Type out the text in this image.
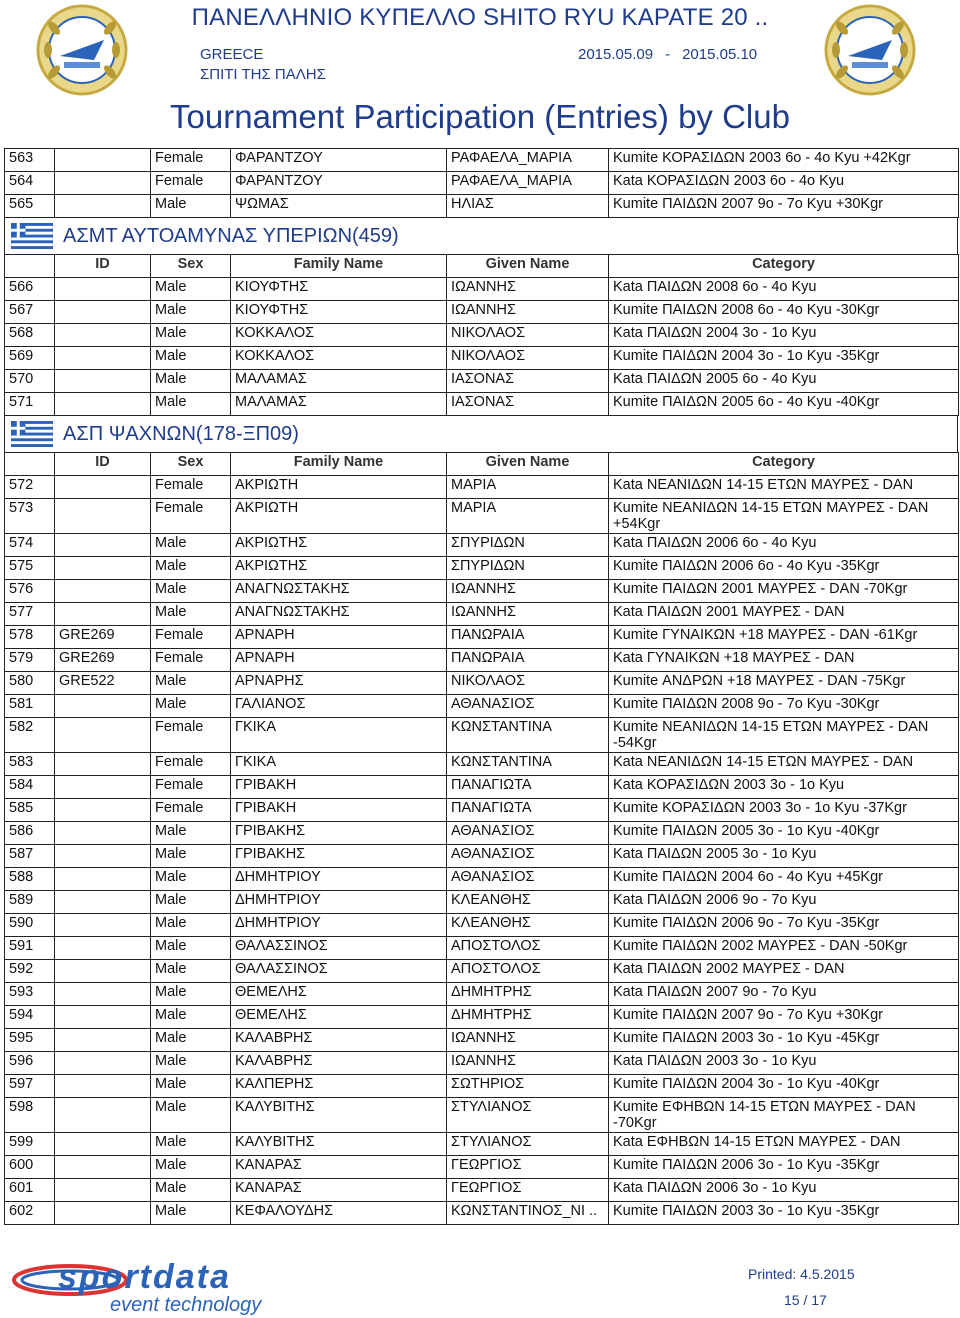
ΠΑΝΕΛΛΗΝΙΟ ΚΥΠΕΛΛΟ SHITO RYU ΚΑΡΑΤΕ 20 ..
GREECE
ΣΠΙΤΙ ΤΗΣ ΠΑΛΗΣ
2015.05.09 - 2015.05.10
Tournament Participation (Entries) by Club
563		Female	ΦΑΡΑΝΤΖΟΥ	ΡΑΦΑΕΛΑ_ΜΑΡΙΑ	Kumite ΚΟΡΑΣΙΔΩΝ 2003 6o - 4o Kyu +42Kgr
564		Female	ΦΑΡΑΝΤΖΟΥ	ΡΑΦΑΕΛΑ_ΜΑΡΙΑ	Kata ΚΟΡΑΣΙΔΩΝ 2003 6o - 4o Kyu
565		Male	ΨΩΜΑΣ	ΗΛΙΑΣ	Kumite ΠΑΙΔΩΝ 2007 9o - 7o Kyu +30Kgr
ΑΣΜΤ ΑΥΤΟΑΜΥΝΑΣ ΥΠΕΡΙΩΝ(459)
	ID	Sex	Family Name	Given Name	Category
566		Male	ΚΙΟΥΦΤΗΣ	ΙΩΑΝΝΗΣ	Kata ΠΑΙΔΩΝ 2008 6o - 4o Kyu
567		Male	ΚΙΟΥΦΤΗΣ	ΙΩΑΝΝΗΣ	Kumite ΠΑΙΔΩΝ 2008 6o - 4o Kyu -30Kgr
568		Male	ΚΟΚΚΑΛΟΣ	ΝΙΚΟΛΑΟΣ	Kata ΠΑΙΔΩΝ 2004 3o - 1o Kyu
569		Male	ΚΟΚΚΑΛΟΣ	ΝΙΚΟΛΑΟΣ	Kumite ΠΑΙΔΩΝ 2004 3o - 1o Kyu -35Kgr
570		Male	ΜΑΛΑΜΑΣ	ΙΑΣΟΝΑΣ	Kata ΠΑΙΔΩΝ 2005 6o - 4o Kyu
571		Male	ΜΑΛΑΜΑΣ	ΙΑΣΟΝΑΣ	Kumite ΠΑΙΔΩΝ 2005 6o - 4o Kyu -40Kgr
ΑΣΠ ΨΑΧΝΩΝ(178-ΞΠ09)
	ID	Sex	Family Name	Given Name	Category
572		Female	ΑΚΡΙΩΤΗ	ΜΑΡΙΑ	Kata ΝΕΑΝΙΔΩΝ 14-15 ΕΤΩΝ ΜΑΥΡΕΣ - DAN
573		Female	ΑΚΡΙΩΤΗ	ΜΑΡΙΑ	Kumite ΝΕΑΝΙΔΩΝ 14-15 ΕΤΩΝ ΜΑΥΡΕΣ - DAN +54Kgr
574		Male	ΑΚΡΙΩΤΗΣ	ΣΠΥΡΙΔΩΝ	Kata ΠΑΙΔΩΝ 2006 6o - 4o Kyu
575		Male	ΑΚΡΙΩΤΗΣ	ΣΠΥΡΙΔΩΝ	Kumite ΠΑΙΔΩΝ 2006 6o - 4o Kyu -35Kgr
576		Male	ΑΝΑΓΝΩΣΤΑΚΗΣ	ΙΩΑΝΝΗΣ	Kumite ΠΑΙΔΩΝ 2001 ΜΑΥΡΕΣ - DAN -70Kgr
577		Male	ΑΝΑΓΝΩΣΤΑΚΗΣ	ΙΩΑΝΝΗΣ	Kata ΠΑΙΔΩΝ 2001 ΜΑΥΡΕΣ - DAN
578	GRE269	Female	ΑΡΝΑΡΗ	ΠΑΝΩΡΑΙΑ	Kumite ΓΥΝΑΙΚΩΝ +18 ΜΑΥΡΕΣ - DAN -61Kgr
579	GRE269	Female	ΑΡΝΑΡΗ	ΠΑΝΩΡΑΙΑ	Kata ΓΥΝΑΙΚΩΝ +18 ΜΑΥΡΕΣ - DAN
580	GRE522	Male	ΑΡΝΑΡΗΣ	ΝΙΚΟΛΑΟΣ	Kumite ΑΝΔΡΩΝ +18 ΜΑΥΡΕΣ - DAN -75Kgr
581		Male	ΓΑΛΙΑΝΟΣ	ΑΘΑΝΑΣΙΟΣ	Kumite ΠΑΙΔΩΝ 2008 9o - 7o Kyu -30Kgr
582		Female	ΓΚΙΚΑ	ΚΩΝΣΤΑΝΤΙΝΑ	Kumite ΝΕΑΝΙΔΩΝ 14-15 ΕΤΩΝ ΜΑΥΡΕΣ - DAN -54Kgr
583		Female	ΓΚΙΚΑ	ΚΩΝΣΤΑΝΤΙΝΑ	Kata ΝΕΑΝΙΔΩΝ 14-15 ΕΤΩΝ ΜΑΥΡΕΣ - DAN
584		Female	ΓΡΙΒΑΚΗ	ΠΑΝΑΓΙΩΤΑ	Kata ΚΟΡΑΣΙΔΩΝ 2003 3o - 1o Kyu
585		Female	ΓΡΙΒΑΚΗ	ΠΑΝΑΓΙΩΤΑ	Kumite ΚΟΡΑΣΙΔΩΝ 2003 3o - 1o Kyu -37Kgr
586		Male	ΓΡΙΒΑΚΗΣ	ΑΘΑΝΑΣΙΟΣ	Kumite ΠΑΙΔΩΝ 2005 3o - 1o Kyu -40Kgr
587		Male	ΓΡΙΒΑΚΗΣ	ΑΘΑΝΑΣΙΟΣ	Kata ΠΑΙΔΩΝ 2005 3o - 1o Kyu
588		Male	ΔΗΜΗΤΡΙΟΥ	ΑΘΑΝΑΣΙΟΣ	Kumite ΠΑΙΔΩΝ 2004 6o - 4o Kyu +45Kgr
589		Male	ΔΗΜΗΤΡΙΟΥ	ΚΛΕΑΝΘΗΣ	Kata ΠΑΙΔΩΝ 2006 9o - 7o Kyu
590		Male	ΔΗΜΗΤΡΙΟΥ	ΚΛΕΑΝΘΗΣ	Kumite ΠΑΙΔΩΝ 2006 9o - 7o Kyu -35Kgr
591		Male	ΘΑΛΑΣΣΙΝΟΣ	ΑΠΟΣΤΟΛΟΣ	Kumite ΠΑΙΔΩΝ 2002 ΜΑΥΡΕΣ - DAN -50Kgr
592		Male	ΘΑΛΑΣΣΙΝΟΣ	ΑΠΟΣΤΟΛΟΣ	Kata ΠΑΙΔΩΝ 2002 ΜΑΥΡΕΣ - DAN
593		Male	ΘΕΜΕΛΗΣ	ΔΗΜΗΤΡΗΣ	Kata ΠΑΙΔΩΝ 2007 9o - 7o Kyu
594		Male	ΘΕΜΕΛΗΣ	ΔΗΜΗΤΡΗΣ	Kumite ΠΑΙΔΩΝ 2007 9o - 7o Kyu +30Kgr
595		Male	ΚΑΛΑΒΡΗΣ	ΙΩΑΝΝΗΣ	Kumite ΠΑΙΔΩΝ 2003 3o - 1o Kyu -45Kgr
596		Male	ΚΑΛΑΒΡΗΣ	ΙΩΑΝΝΗΣ	Kata ΠΑΙΔΩΝ 2003 3o - 1o Kyu
597		Male	ΚΑΛΠΕΡΗΣ	ΣΩΤΗΡΙΟΣ	Kumite ΠΑΙΔΩΝ 2004 3o - 1o Kyu -40Kgr
598		Male	ΚΑΛΥΒΙΤΗΣ	ΣΤΥΛΙΑΝΟΣ	Kumite ΕΦΗΒΩΝ 14-15 ΕΤΩΝ ΜΑΥΡΕΣ - DAN -70Kgr
599		Male	ΚΑΛΥΒΙΤΗΣ	ΣΤΥΛΙΑΝΟΣ	Kata ΕΦΗΒΩΝ 14-15 ΕΤΩΝ ΜΑΥΡΕΣ - DAN
600		Male	ΚΑΝΑΡΑΣ	ΓΕΩΡΓΙΟΣ	Kumite ΠΑΙΔΩΝ 2006 3o - 1o Kyu -35Kgr
601		Male	ΚΑΝΑΡΑΣ	ΓΕΩΡΓΙΟΣ	Kata ΠΑΙΔΩΝ 2006 3o - 1o Kyu
602		Male	ΚΕΦΑΛΟΥΔΗΣ	ΚΩΝΣΤΑΝΤΙΝΟΣ_ΝΙ ..	Kumite ΠΑΙΔΩΝ 2003 3o - 1o Kyu -35Kgr
sportdata
event technology
Printed: 4.5.2015
15 / 17
